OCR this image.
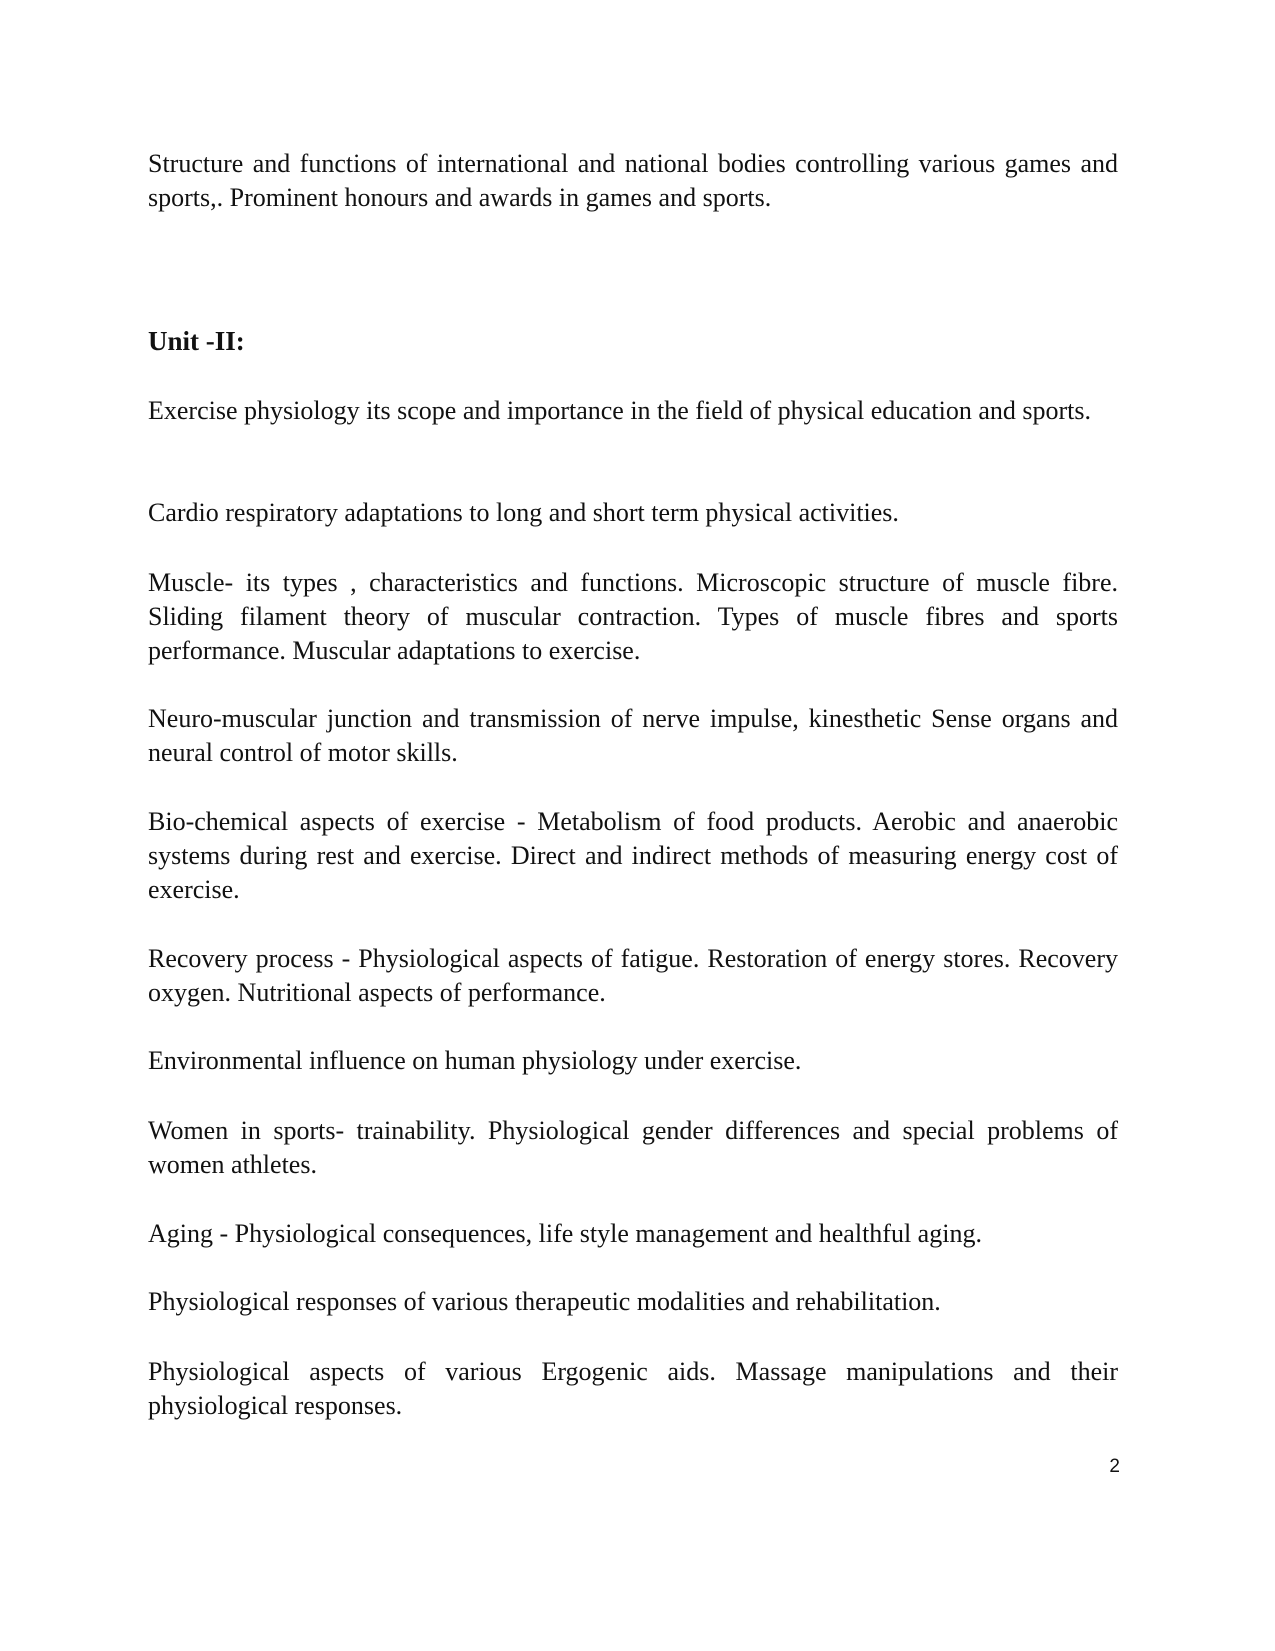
Structure and functions of international and national bodies controlling various games and sports,. Prominent honours and awards in games and sports.

Unit -II:

Exercise physiology its scope and importance in the field of physical education and sports.

Cardio respiratory adaptations to long and short term physical activities.

Muscle- its types , characteristics and functions. Microscopic structure of muscle fibre. Sliding filament theory of muscular contraction. Types of muscle fibres and sports performance. Muscular adaptations to exercise.

Neuro-muscular junction and transmission of nerve impulse, kinesthetic Sense organs and neural control of motor skills.

Bio-chemical aspects of exercise - Metabolism of food products. Aerobic and anaerobic systems during rest and exercise. Direct and indirect methods of measuring energy cost of exercise.

Recovery process - Physiological aspects of fatigue. Restoration of energy stores. Recovery oxygen. Nutritional aspects of performance.

Environmental influence on human physiology under exercise.

Women in sports- trainability. Physiological gender differences and special problems of women athletes.

Aging - Physiological consequences, life style management and healthful aging.

Physiological responses of various therapeutic modalities and rehabilitation.

Physiological aspects of various Ergogenic aids. Massage manipulations and their physiological responses.

2
